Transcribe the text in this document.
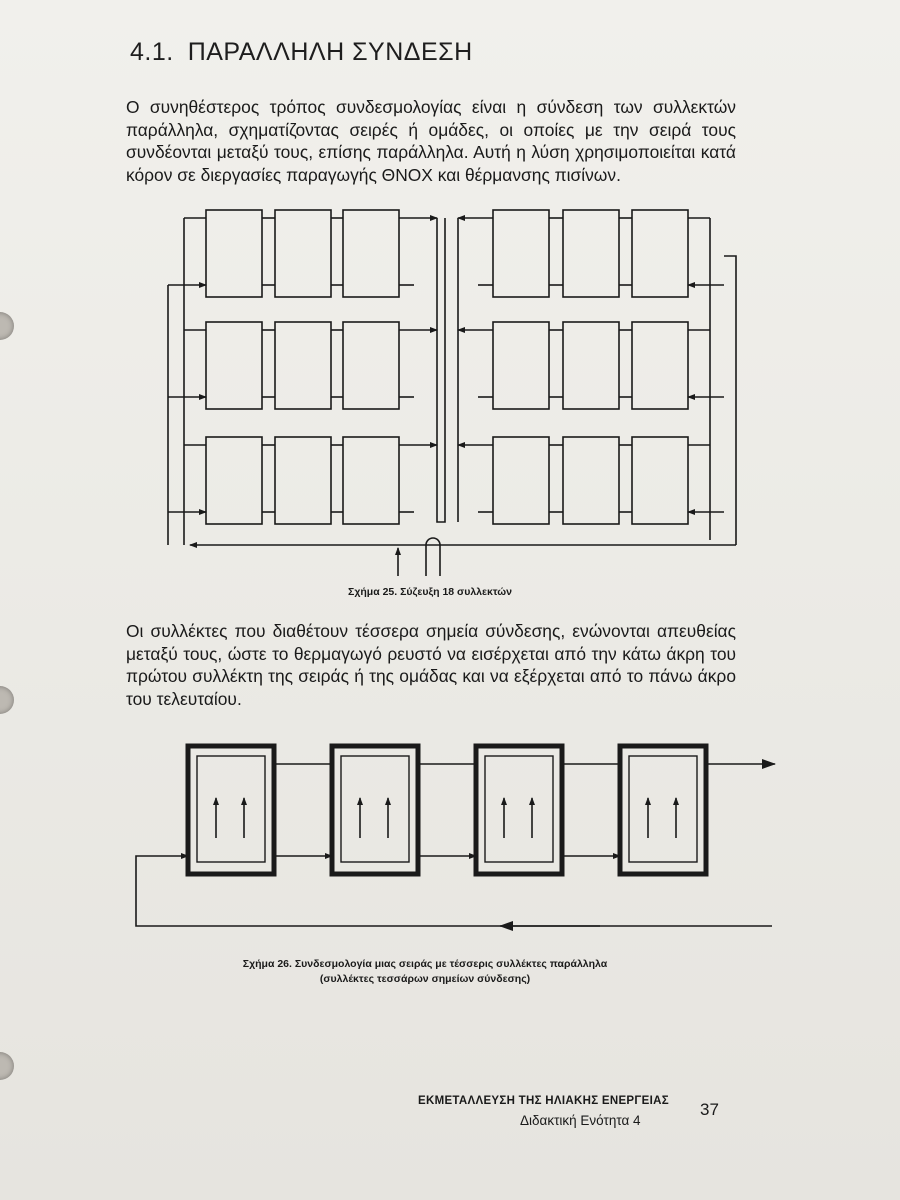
4.1. ΠΑΡΑΛΛΗΛΗ ΣΥΝΔΕΣΗ
Ο συνηθέστερος τρόπος συνδεσμολογίας είναι η σύνδεση των συλλεκτών παράλληλα, σχηματίζοντας σειρές ή ομάδες, οι οποίες με την σειρά τους συνδέονται μεταξύ τους, επίσης παράλληλα. Αυτή η λύση χρησιμοποιείται κατά κόρον σε διεργασίες παραγωγής ΘΝΟΧ και θέρμανσης πισίνων.
Σχήμα 25. Σύζευξη 18 συλλεκτών
Οι συλλέκτες που διαθέτουν τέσσερα σημεία σύνδεσης, ενώνονται απευθείας μεταξύ τους, ώστε το θερμαγωγό ρευστό να εισέρχεται από την κάτω άκρη του πρώτου συλλέκτη της σειράς ή της ομάδας και να εξέρχεται από το πάνω άκρο του τελευταίου.
Σχήμα 26. Συνδεσμολογία μιας σειράς με τέσσερις συλλέκτες παράλληλα
(συλλέκτες τεσσάρων σημείων σύνδεσης)
ΕΚΜΕΤΑΛΛΕΥΣΗ ΤΗΣ ΗΛΙΑΚΗΣ ΕΝΕΡΓΕΙΑΣ
Διδακτική Ενότητα 4
37
